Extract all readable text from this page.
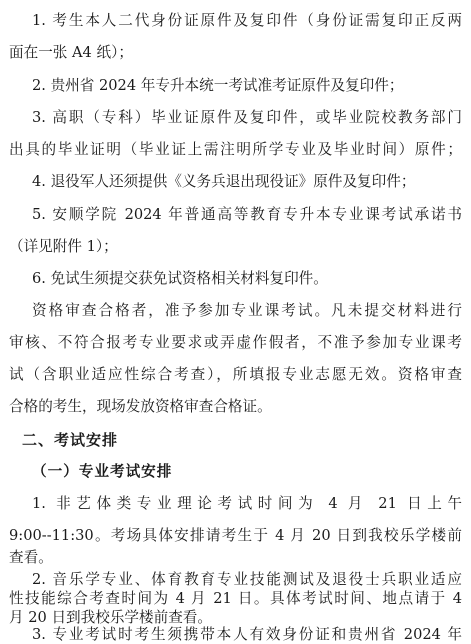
1. 考生本人二代身份证原件及复印件（身份证需复印正反两
面在一张 A4 纸）；
2. 贵州省 2024 年专升本统一考试准考证原件及复印件；
3. 高职（专科）毕业证原件及复印件，或毕业院校教务部门
出具的毕业证明（毕业证上需注明所学专业及毕业时间）原件；
4. 退役军人还须提供《义务兵退出现役证》原件及复印件；
5. 安顺学院 2024 年普通高等教育专升本专业课考试承诺书
（详见附件 1）；
6. 免试生须提交获免试资格相关材料复印件。
资格审查合格者，准予参加专业课考试。凡未提交材料进行
审核、不符合报考专业要求或弄虚作假者，不准予参加专业课考
试（含职业适应性综合考查），所填报专业志愿无效。资格审查
合格的考生，现场发放资格审查合格证。
二、考试安排
（一）专业考试安排
1. 非艺体类专业理论考试时间为 4 月 21 日上午
9:00--11:30。考场具体安排请考生于 4 月 20 日到我校乐学楼前
查看。
2. 音乐学专业、体育教育专业技能测试及退役士兵职业适应
性技能综合考查时间为 4 月 21 日。具体考试时间、地点请于 4
月 20 日到我校乐学楼前查看。
3. 专业考试时考生须携带本人有效身份证和贵州省 2024 年
